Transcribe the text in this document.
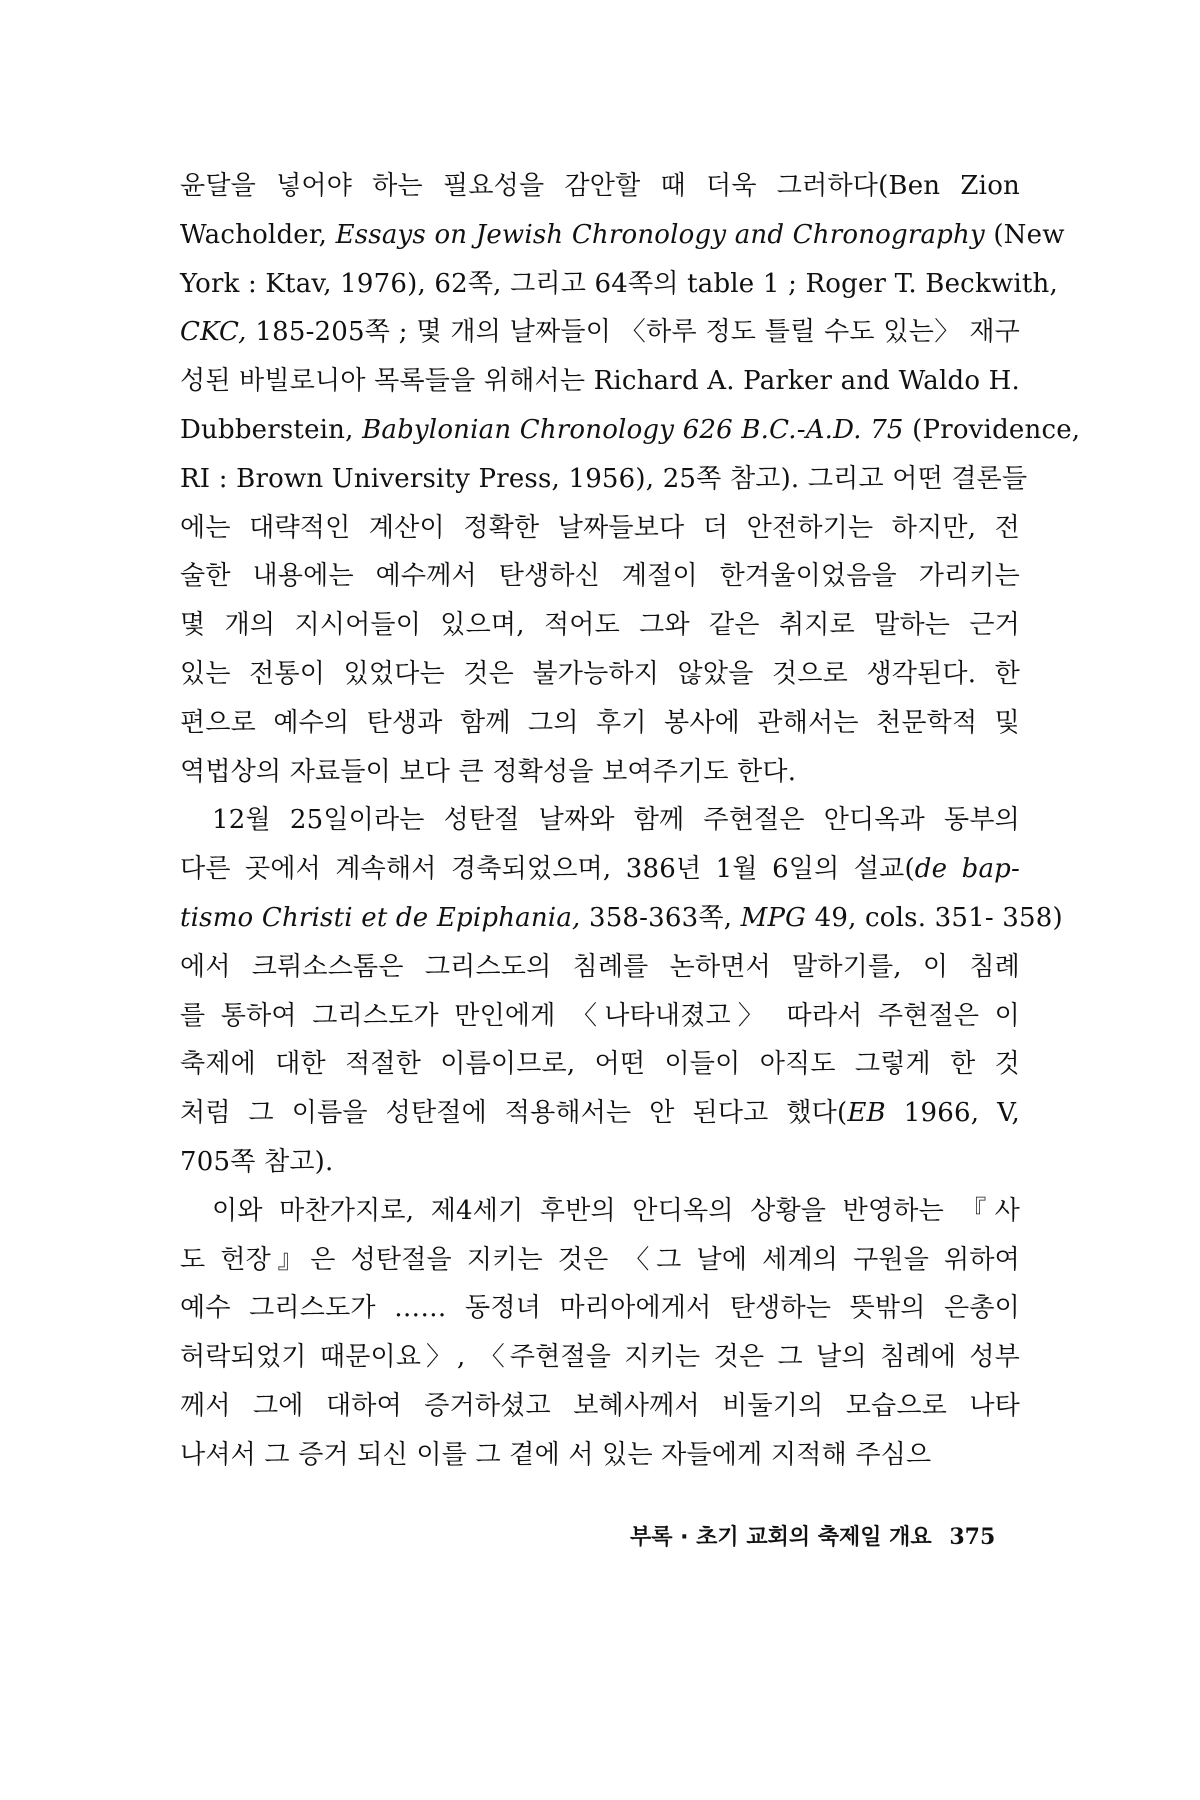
윤달을 넣어야 하는 필요성을 감안할 때 더욱 그러하다(Ben Zion
Wacholder, Essays on Jewish Chronology and Chronography (New
York : Ktav, 1976), 62쪽, 그리고 64쪽의 table 1 ; Roger T. Beckwith,
CKC, 185-205쪽 ; 몇 개의 날짜들이 〈하루 정도 틀릴 수도 있는〉 재구
성된 바빌로니아 목록들을 위해서는 Richard A. Parker and Waldo H.
Dubberstein, Babylonian Chronology 626 B.C.-A.D. 75 (Providence,
RI : Brown University Press, 1956), 25쪽 참고). 그리고 어떤 결론들
에는 대략적인 계산이 정확한 날짜들보다 더 안전하기는 하지만, 전
술한 내용에는 예수께서 탄생하신 계절이 한겨울이었음을 가리키는
몇 개의 지시어들이 있으며, 적어도 그와 같은 취지로 말하는 근거
있는 전통이 있었다는 것은 불가능하지 않았을 것으로 생각된다. 한
편으로 예수의 탄생과 함께 그의 후기 봉사에 관해서는 천문학적 및
역법상의 자료들이 보다 큰 정확성을 보여주기도 한다.
12월 25일이라는 성탄절 날짜와 함께 주현절은 안디옥과 동부의
다른 곳에서 계속해서 경축되었으며, 386년 1월 6일의 설교(de bap-
tismo Christi et de Epiphania, 358-363쪽, MPG 49, cols. 351- 358)
에서 크뤼소스톰은 그리스도의 침례를 논하면서 말하기를, 이 침례
를 통하여 그리스도가 만인에게 〈나타내졌고〉 따라서 주현절은 이
축제에 대한 적절한 이름이므로, 어떤 이들이 아직도 그렇게 한 것
처럼 그 이름을 성탄절에 적용해서는 안 된다고 했다(EB 1966, V,
705쪽 참고).
이와 마찬가지로, 제4세기 후반의 안디옥의 상황을 반영하는 『사
도 헌장』은 성탄절을 지키는 것은 〈그 날에 세계의 구원을 위하여
예수 그리스도가 …… 동정녀 마리아에게서 탄생하는 뜻밖의 은총이
허락되었기 때문이요〉, 〈주현절을 지키는 것은 그 날의 침례에 성부
께서 그에 대하여 증거하셨고 보혜사께서 비둘기의 모습으로 나타
나셔서 그 증거 되신 이를 그 곁에 서 있는 자들에게 지적해 주심으
부록 · 초기 교회의 축제일 개요 375
